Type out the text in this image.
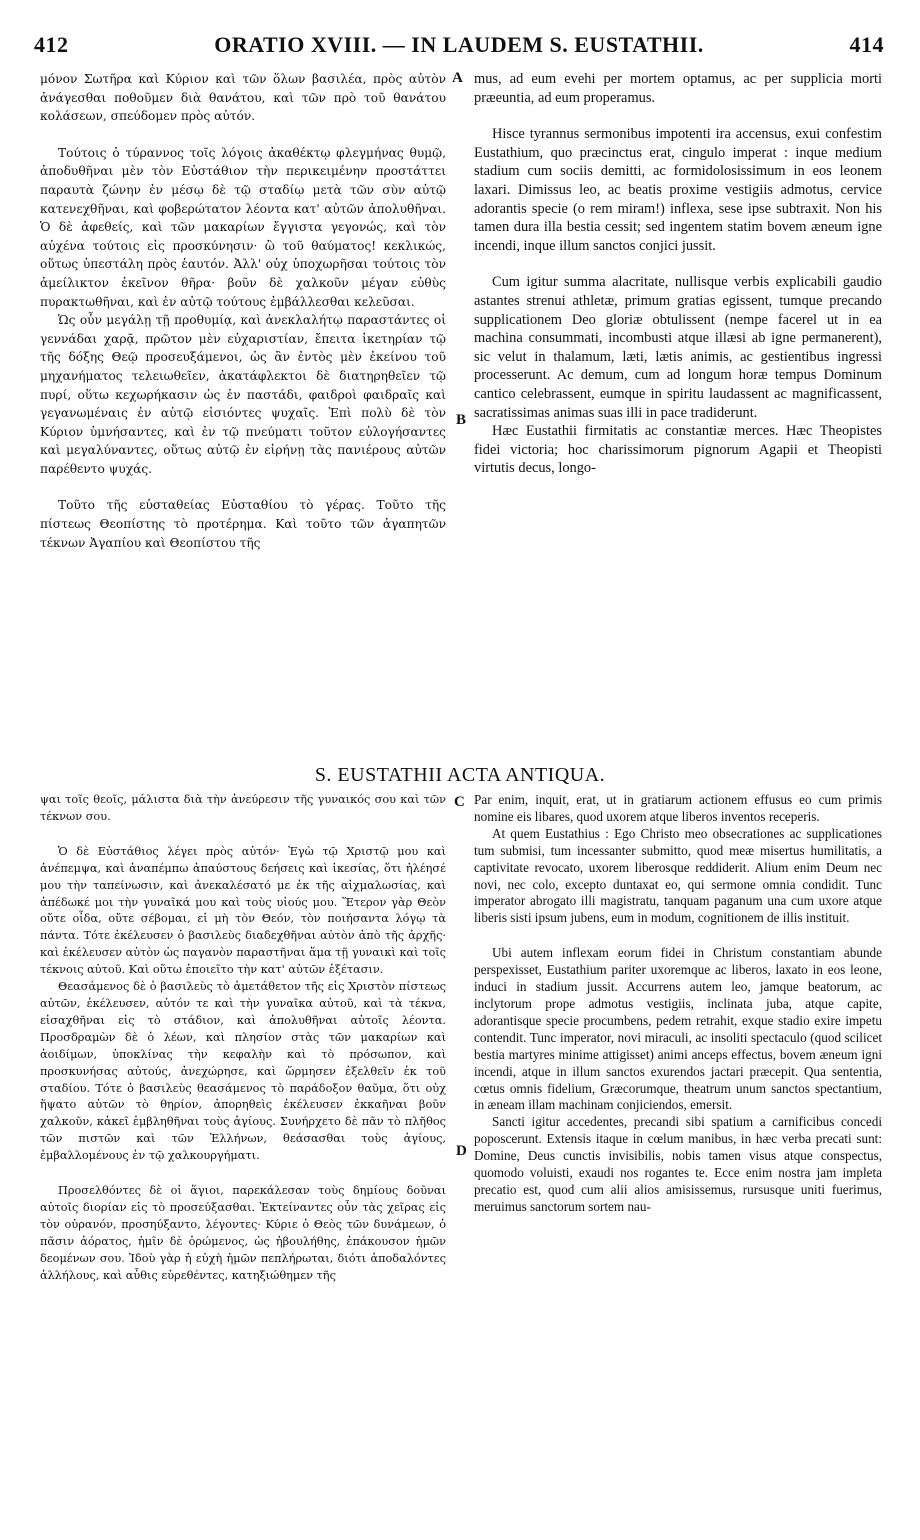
412	ORATIO XVIII. — IN LAUDEM S. EUSTATHII.	414

μόνον Σωτῆρα καὶ Κύριον καὶ τῶν ὅλων βασιλέα, πρὸς αὐτὸν ἀνάγεσθαι ποθοῦμεν διὰ θανάτου, καὶ τῶν πρὸ τοῦ θανάτου κολάσεων, σπεύδομεν πρὸς αὐτόν.

Τούτοις ὁ τύραννος τοῖς λόγοις ἀκαθέκτῳ φλεγμήνας θυμῷ, ἀποδυθῆναι μὲν τὸν Εὐστάθιον τὴν περικειμένην προστάττει παραυτὰ ζώνην ἐν μέσῳ δὲ τῷ σταδίῳ μετὰ τῶν σὺν αὐτῷ κατενεχθῆναι, καὶ φοβερώτατον λέοντα κατ' αὐτῶν ἀπολυθῆναι. Ὁ δὲ ἀφεθείς, καὶ τῶν μακαρίων ἔγγιστα γεγονώς, καὶ τὸν αὐχένα τούτοις εἰς προσκύνησιν· ὢ τοῦ θαύματος! κεκλικώς, οὕτως ὑπεστάλη πρὸς ἑαυτόν. Ἀλλ' οὐχ ὑποχωρῆσαι τούτοις τὸν ἀμείλικτον ἐκεῖνον θῆρα· βοῦν δὲ χαλκοῦν μέγαν εὐθὺς πυρακτωθῆναι, καὶ ἐν αὐτῷ τούτους ἐμβάλλεσθαι κελεῦσαι.

Ὡς οὖν μεγάλῃ τῇ προθυμίᾳ, καὶ ἀνεκλαλήτῳ παραστάντες οἱ γεννάδαι χαρᾷ, πρῶτον μὲν εὐχαριστίαν, ἔπειτα ἱκετηρίαν τῷ τῆς δόξης Θεῷ προσευξάμενοι, ὡς ἂν ἐντὸς μὲν ἐκείνου τοῦ μηχανήματος τελειωθεῖεν, ἀκατάφλεκτοι δὲ διατηρηθεῖεν τῷ πυρί, οὕτω κεχωρήκασιν ὡς ἐν παστάδι, φαιδροὶ φαιδραῖς καὶ γεγανωμέναις ἐν αὐτῷ εἰσιόντες ψυχαῖς. Ἐπὶ πολὺ δὲ τὸν Κύριον ὑμνήσαντες, καὶ ἐν τῷ πνεύματι τοῦτον εὐλογήσαντες καὶ μεγαλύναντες, οὕτως αὐτῷ ἐν εἰρήνῃ τὰς πανιέρους αὐτῶν παρέθεντο ψυχάς.

Τοῦτο τῆς εὐσταθείας Εὐσταθίου τὸ γέρας. Τοῦτο τῆς πίστεως Θεοπίστης τὸ προτέρημα. Καὶ τοῦτο τῶν ἀγαπητῶν τέκνων Ἀγαπίου καὶ Θεοπίστου τῆς

A
B

mus, ad eum evehi per mortem optamus, ac per supplicia morti præeuntia, ad eum properamus.

Hisce tyrannus sermonibus impotenti ira accensus, exui confestim Eustathium, quo præcinctus erat, cingulo imperat : inque medium stadium cum sociis demitti, ac formidolosissimum in eos leonem laxari. Dimissus leo, ac beatis proxime vestigiis admotus, cervice adorantis specie (o rem miram!) inflexa, sese ipse subtraxit. Non his tamen dura illa bestia cessit; sed ingentem statim bovem æneum igne incendi, inque illum sanctos conjici jussit.

Cum igitur summa alacritate, nullisque verbis explicabili gaudio astantes strenui athletæ, primum gratias egissent, tumque precando supplicationem Deo gloriæ obtulissent (nempe facerel ut in ea machina consummati, incombusti atque illæsi ab igne permanerent), sic velut in thalamum, læti, lætis animis, ac gestientibus ingressi processerunt. Ac demum, cum ad longum horæ tempus Dominum cantico celebrassent, eumque in spiritu laudassent ac magnificassent, sacratissimas animas suas illi in pace tradiderunt.

Hæc Eustathii firmitatis ac constantiæ merces. Hæc Theopistes fidei victoria; hoc charissimorum pignorum Agapii et Theopisti virtutis decus, longo-

S. EUSTATHII ACTA ANTIQUA.

ψαι τοῖς θεοῖς, μάλιστα διὰ τὴν ἀνεύρεσιν τῆς γυναικός σου καὶ τῶν τέκνων σου.

Ὁ δὲ Εὐστάθιος λέγει πρὸς αὐτόν· Ἐγὼ τῷ Χριστῷ μου καὶ ἀνέπεμψα, καὶ ἀναπέμπω ἀπαύστους δεήσεις καὶ ἱκεσίας, ὅτι ἠλέησέ μου τὴν ταπείνωσιν, καὶ ἀνεκαλέσατό με ἐκ τῆς αἰχμαλωσίας, καὶ ἀπέδωκέ μοι τὴν γυναῖκά μου καὶ τοὺς υἱούς μου. Ἕτερον γὰρ Θεὸν οὔτε οἶδα, οὔτε σέβομαι, εἰ μὴ τὸν Θεόν, τὸν ποιήσαντα λόγῳ τὰ πάντα. Τότε ἐκέλευσεν ὁ βασιλεὺς διαδεχθῆναι αὐτὸν ἀπὸ τῆς ἀρχῆς· καὶ ἐκέλευσεν αὐτὸν ὡς παγανὸν παραστῆναι ἅμα τῇ γυναικὶ καὶ τοῖς τέκνοις αὐτοῦ. Καὶ οὕτω ἐποιεῖτο τὴν κατ' αὐτῶν ἐξέτασιν.

Θεασάμενος δὲ ὁ βασιλεὺς τὸ ἀμετάθετον τῆς εἰς Χριστὸν πίστεως αὐτῶν, ἐκέλευσεν, αὐτόν τε καὶ τὴν γυναῖκα αὐτοῦ, καὶ τὰ τέκνα, εἰσαχθῆναι εἰς τὸ στάδιον, καὶ ἀπολυθῆναι αὐτοῖς λέοντα. Προσδραμὼν δὲ ὁ λέων, καὶ πλησίον στὰς τῶν μακαρίων καὶ ἀοιδίμων, ὑποκλίνας τὴν κεφαλὴν καὶ τὸ πρόσωπον, καὶ προσκυνήσας αὐτούς, ἀνεχώρησε, καὶ ὥρμησεν ἐξελθεῖν ἐκ τοῦ σταδίου. Τότε ὁ βασιλεὺς θεασάμενος τὸ παράδοξον θαῦμα, ὅτι οὐχ ἥψατο αὐτῶν τὸ θηρίον, ἀπορηθεὶς ἐκέλευσεν ἐκκαῆναι βοῦν χαλκοῦν, κἀκεῖ ἐμβληθῆναι τοὺς ἁγίους. Συνήρχετο δὲ πᾶν τὸ πλῆθος τῶν πιστῶν καὶ τῶν Ἑλλήνων, θεάσασθαι τοὺς ἁγίους, ἐμβαλλομένους ἐν τῷ χαλκουργήματι.

Προσελθόντες δὲ οἱ ἅγιοι, παρεκάλεσαν τοὺς δημίους δοῦναι αὐτοῖς διορίαν εἰς τὸ προσεύξασθαι. Ἐκτείναντες οὖν τὰς χεῖρας εἰς τὸν οὐρανόν, προσηύξαντο, λέγοντες· Κύριε ὁ Θεὸς τῶν δυνάμεων, ὁ πᾶσιν ἀόρατος, ἡμῖν δὲ ὁρώμενος, ὡς ἠβουλήθης, ἐπάκουσον ἡμῶν δεομένων σου. Ἰδοὺ γὰρ ἡ εὐχὴ ἡμῶν πεπλήρωται, διότι ἀποδαλόντες ἀλλήλους, καὶ αὖθις εὑρεθέντες, κατηξιώθημεν τῆς

C
D

Par enim, inquit, erat, ut in gratiarum actionem effusus eo cum primis nomine eis libares, quod uxorem atque liberos inventos receperis.

At quem Eustathius : Ego Christo meo obsecrationes ac supplicationes tum submisi, tum incessanter submitto, quod meæ misertus humilitatis, a captivitate revocato, uxorem liberosque reddiderit. Alium enim Deum nec novi, nec colo, excepto duntaxat eo, qui sermone omnia condidit. Tunc imperator abrogato illi magistratu, tanquam paganum una cum uxore atque liberis sisti ipsum jubens, eum in modum, cognitionem de illis instituit.

Ubi autem inflexam eorum fidei in Christum constantiam abunde perspexisset, Eustathium pariter uxoremque ac liberos, laxato in eos leone, induci in stadium jussit. Accurrens autem leo, jamque beatorum, ac inclytorum prope admotus vestigiis, inclinata juba, atque capite, adorantisque specie procumbens, pedem retrahit, exque stadio exire impetu contendit. Tunc imperator, novi miraculi, ac insoliti spectaculo (quod scilicet bestia martyres minime attigisset) animi anceps effectus, bovem æneum igni incendi, atque in illum sanctos exurendos jactari præcepit. Qua sententia, cœtus omnis fidelium, Græcorumque, theatrum unum sanctos spectantium, in æneam illam machinam conjiciendos, emersit.

Sancti igitur accedentes, precandi sibi spatium a carnificibus concedi poposcerunt. Extensis itaque in cœlum manibus, in hæc verba precati sunt: Domine, Deus cunctis invisibilis, nobis tamen visus atque conspectus, quomodo voluisti, exaudi nos rogantes te. Ecce enim nostra jam impleta precatio est, quod cum alii alios amisissemus, rursusque uniti fuerimus, meruimus sanctorum sortem nau-
